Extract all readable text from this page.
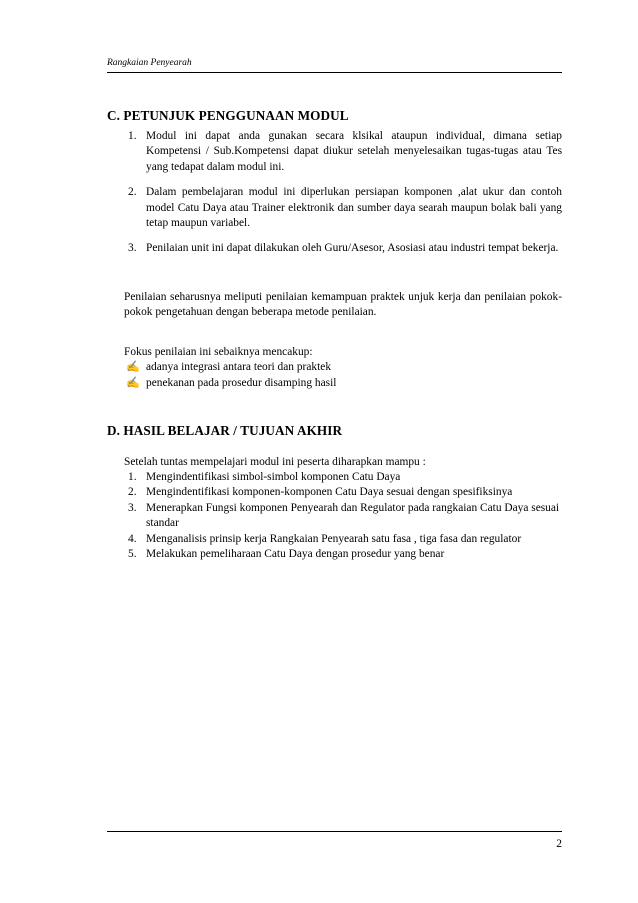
Rangkaian Penyearah
C. PETUNJUK PENGGUNAAN MODUL
1. Modul ini dapat anda gunakan secara klsikal ataupun individual, dimana setiap Kompetensi / Sub.Kompetensi dapat diukur setelah menyelesaikan tugas-tugas atau Tes yang tedapat dalam modul ini.
2. Dalam pembelajaran modul ini diperlukan persiapan komponen ,alat ukur dan contoh model Catu Daya atau Trainer elektronik dan sumber daya searah maupun bolak bali yang tetap maupun variabel.
3. Penilaian unit ini dapat dilakukan oleh Guru/Asesor, Asosiasi atau industri tempat bekerja.

Penilaian seharusnya meliputi penilaian kemampuan praktek unjuk kerja dan penilaian pokok-pokok pengetahuan dengan beberapa metode penilaian.

Fokus penilaian ini sebaiknya mencakup:
✍ adanya integrasi antara teori dan praktek
✍ penekanan pada prosedur disamping hasil
D. HASIL BELAJAR / TUJUAN AKHIR
Setelah tuntas mempelajari modul ini peserta diharapkan mampu :
1. Mengindentifikasi simbol-simbol komponen Catu Daya
2. Mengindentifikasi komponen-komponen Catu Daya sesuai dengan spesifiksinya
3. Menerapkan Fungsi komponen Penyearah dan Regulator pada rangkaian Catu Daya sesuai standar
4. Menganalisis prinsip kerja Rangkaian Penyearah satu fasa , tiga fasa dan regulator
5. Melakukan pemeliharaan Catu Daya dengan prosedur yang benar
2
